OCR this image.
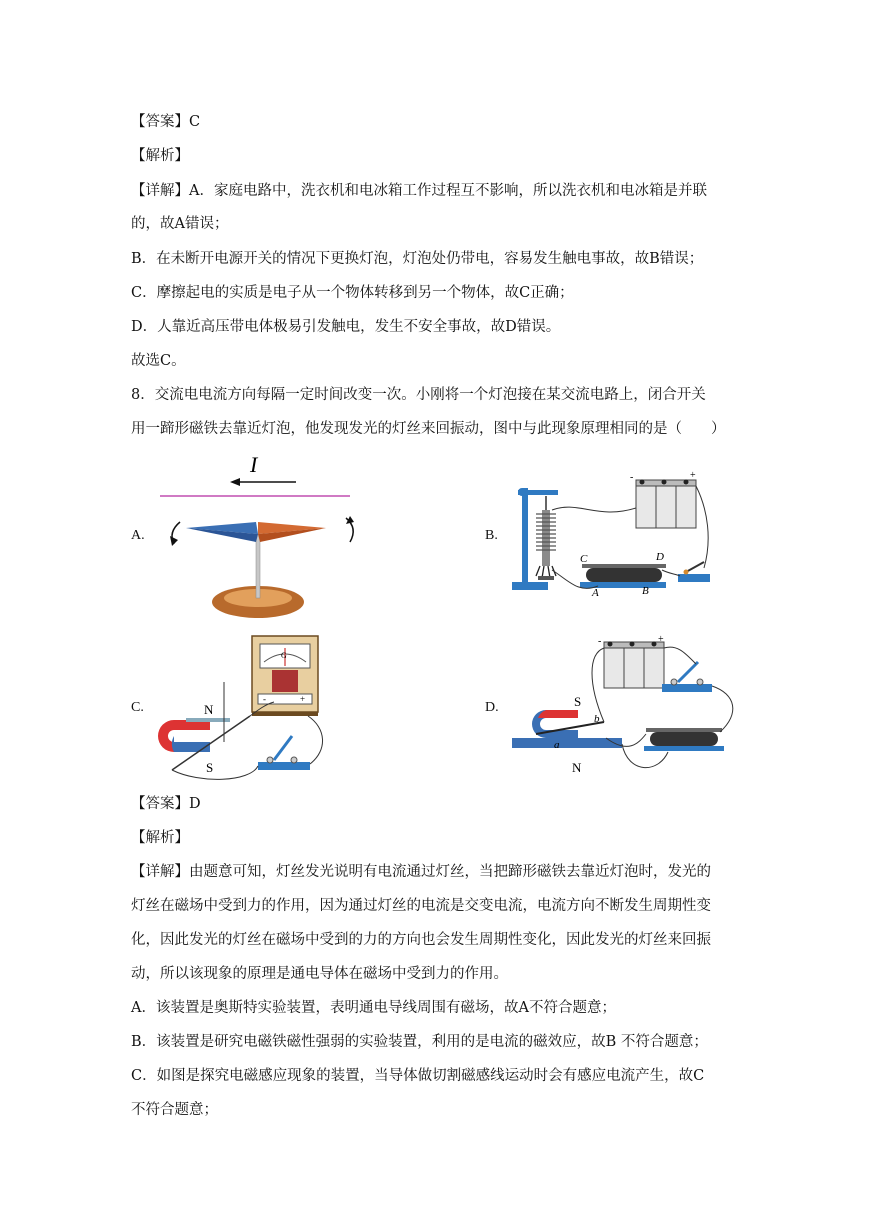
【答案】C
【解析】
【详解】A．家庭电路中，洗衣机和电冰箱工作过程互不影响，所以洗衣机和电冰箱是并联
的，故A错误；
B．在未断开电源开关的情况下更换灯泡，灯泡处仍带电，容易发生触电事故，故B错误；
C．摩擦起电的实质是电子从一个物体转移到另一个物体，故C正确；
D．人靠近高压带电体极易引发触电，发生不安全事故，故D错误。
故选C。
8．交流电电流方向每隔一定时间改变一次。小刚将一个灯泡接在某交流电路上，闭合开关
用一蹄形磁铁去靠近灯泡，他发现发光的灯丝来回振动，图中与此现象原理相同的是（　　）
A.	B.
C.	D.
I
-	+
C	D
A	B
G
-	+
N
S
-	+
S
N
a
b
【答案】D
【解析】
【详解】由题意可知，灯丝发光说明有电流通过灯丝，当把蹄形磁铁去靠近灯泡时，发光的
灯丝在磁场中受到力的作用，因为通过灯丝的电流是交变电流，电流方向不断发生周期性变
化，因此发光的灯丝在磁场中受到的力的方向也会发生周期性变化，因此发光的灯丝来回振
动，所以该现象的原理是通电导体在磁场中受到力的作用。
A．该装置是奥斯特实验装置，表明通电导线周围有磁场，故A不符合题意；
B．该装置是研究电磁铁磁性强弱的实验装置，利用的是电流的磁效应，故B 不符合题意；
C．如图是探究电磁感应现象的装置，当导体做切割磁感线运动时会有感应电流产生，故C
不符合题意；
